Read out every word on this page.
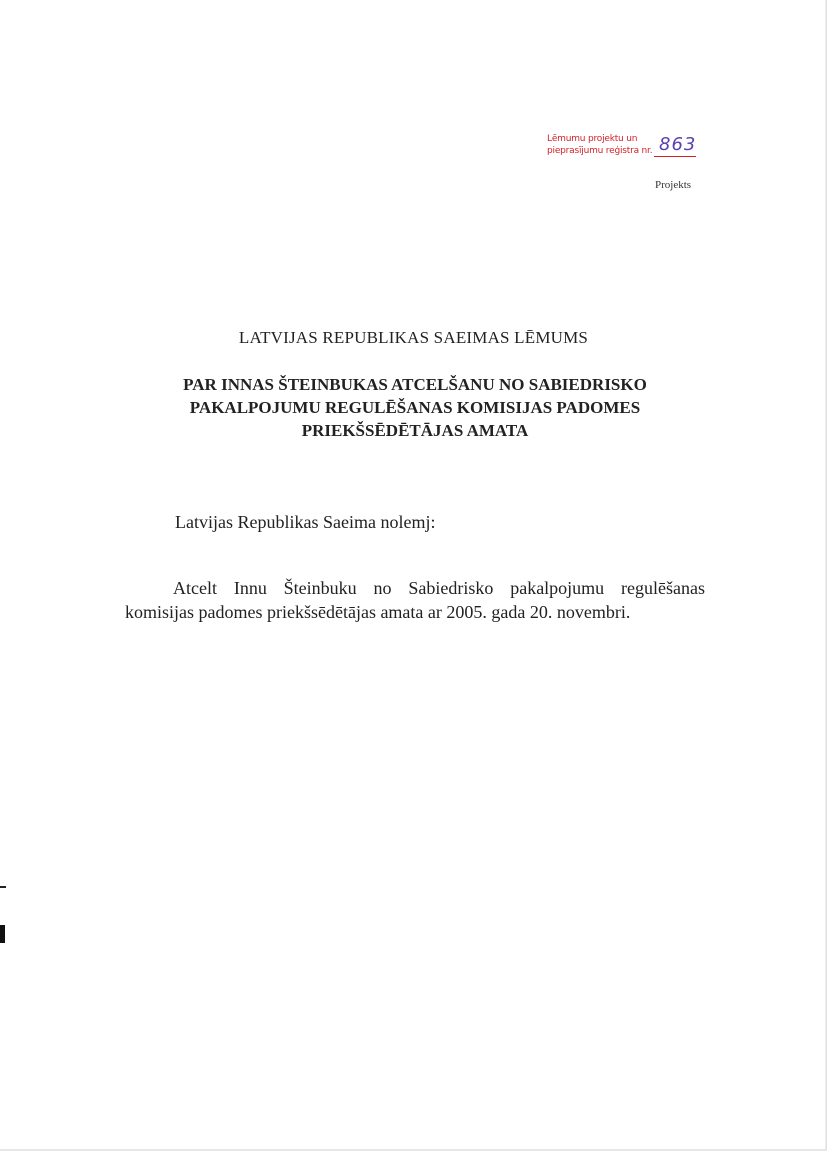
Lēmumu projektu un
pieprasījumu reģistra nr. 863
Projekts
LATVIJAS REPUBLIKAS SAEIMAS LĒMUMS
PAR INNAS ŠTEINBUKAS ATCELŠANU NO SABIEDRISKO
PAKALPOJUMU REGULĒŠANAS KOMISIJAS PADOMES
PRIEKŠSĒDĒTĀJAS AMATA
Latvijas Republikas Saeima nolemj:
Atcelt Innu Šteinbuku no Sabiedrisko pakalpojumu regulēšanas
komisijas padomes priekšsēdētājas amata ar 2005. gada 20. novembri.
